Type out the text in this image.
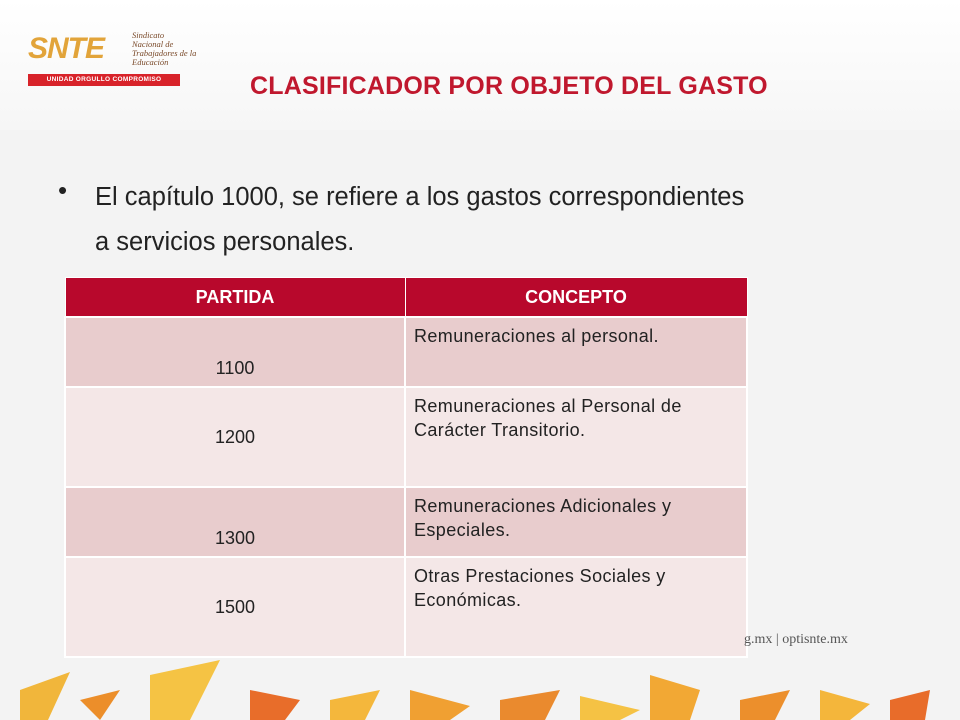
SNTE	Sindicato
Nacional de
Trabajadores de la
Educación
UNIDAD ORGULLO COMPROMISO	CLASIFICADOR POR OBJETO DEL GASTO
• El capítulo 1000, se refiere a los gastos correspondientes a servicios personales.
PARTIDA	CONCEPTO
1100	Remuneraciones al personal.
1200	Remuneraciones al Personal de Carácter Transitorio.
1300	Remuneraciones Adicionales y Especiales.
1500	Otras Prestaciones Sociales y Económicas.
g.mx | optisnte.mx
